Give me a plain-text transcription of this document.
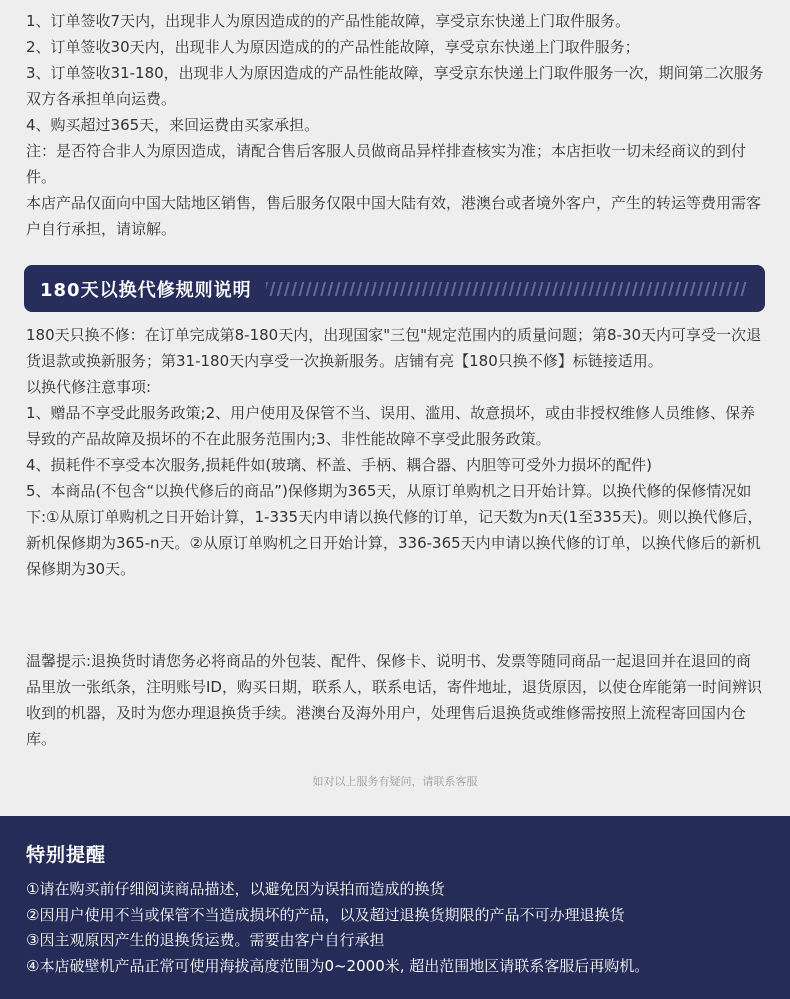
1、订单签收7天内，出现非人为原因造成的的产品性能故障，享受京东快递上门取件服务。

2、订单签收30天内，出现非人为原因造成的的产品性能故障，享受京东快递上门取件服务；

3、订单签收31-180，出现非人为原因造成的产品性能故障，享受京东快递上门取件服务一次，期间第二次服务双方各承担单向运费。

4、购买超过365天，来回运费由买家承担。

注：是否符合非人为原因造成，请配合售后客服人员做商品异样排查核实为准；本店拒收一切未经商议的到付件。

本店产品仅面向中国大陆地区销售，售后服务仅限中国大陆有效，港澳台或者境外客户，产生的转运等费用需客户自行承担，请谅解。

180天以换代修规则说明

180天只换不修：在订单完成第8-180天内，出现国家"三包"规定范围内的质量问题；第8-30天内可享受一次退货退款或换新服务；第31-180天内享受一次换新服务。店铺有亮【180只换不修】标链接适用。

以换代修注意事项:

1、赠品不享受此服务政策;2、用户使用及保管不当、误用、滥用、故意损坏，或由非授权维修人员维修、保养导致的产品故障及损坏的不在此服务范围内;3、非性能故障不享受此服务政策。

4、损耗件不享受本次服务,损耗件如(玻璃、杯盖、手柄、耦合器、内胆等可受外力损坏的配件)

5、本商品(不包含“以换代修后的商品”)保修期为365天，从原订单购机之日开始计算。以换代修的保修情况如下:①从原订单购机之日开始计算，1-335天内申请以换代修的订单，记天数为n天(1至335天)。则以换代修后，新机保修期为365-n天。②从原订单购机之日开始计算，336-365天内申请以换代修的订单，以换代修后的新机保修期为30天。

温馨提示:退换货时请您务必将商品的外包装、配件、保修卡、说明书、发票等随同商品一起退回并在退回的商品里放一张纸条，注明账号ID，购买日期，联系人，联系电话，寄件地址，退货原因，以使仓库能第一时间辨识收到的机器，及时为您办理退换货手续。港澳台及海外用户，处理售后退换货或维修需按照上流程寄回国内仓库。

如对以上服务有疑问，请联系客服

特别提醒

①请在购买前仔细阅读商品描述，以避免因为误拍而造成的换货

②因用户使用不当或保管不当造成损坏的产品，以及超过退换货期限的产品不可办理退换货

③因主观原因产生的退换货运费。需要由客户自行承担

④本店破壁机产品正常可使用海拔高度范围为0~2000米, 超出范围地区请联系客服后再购机。
